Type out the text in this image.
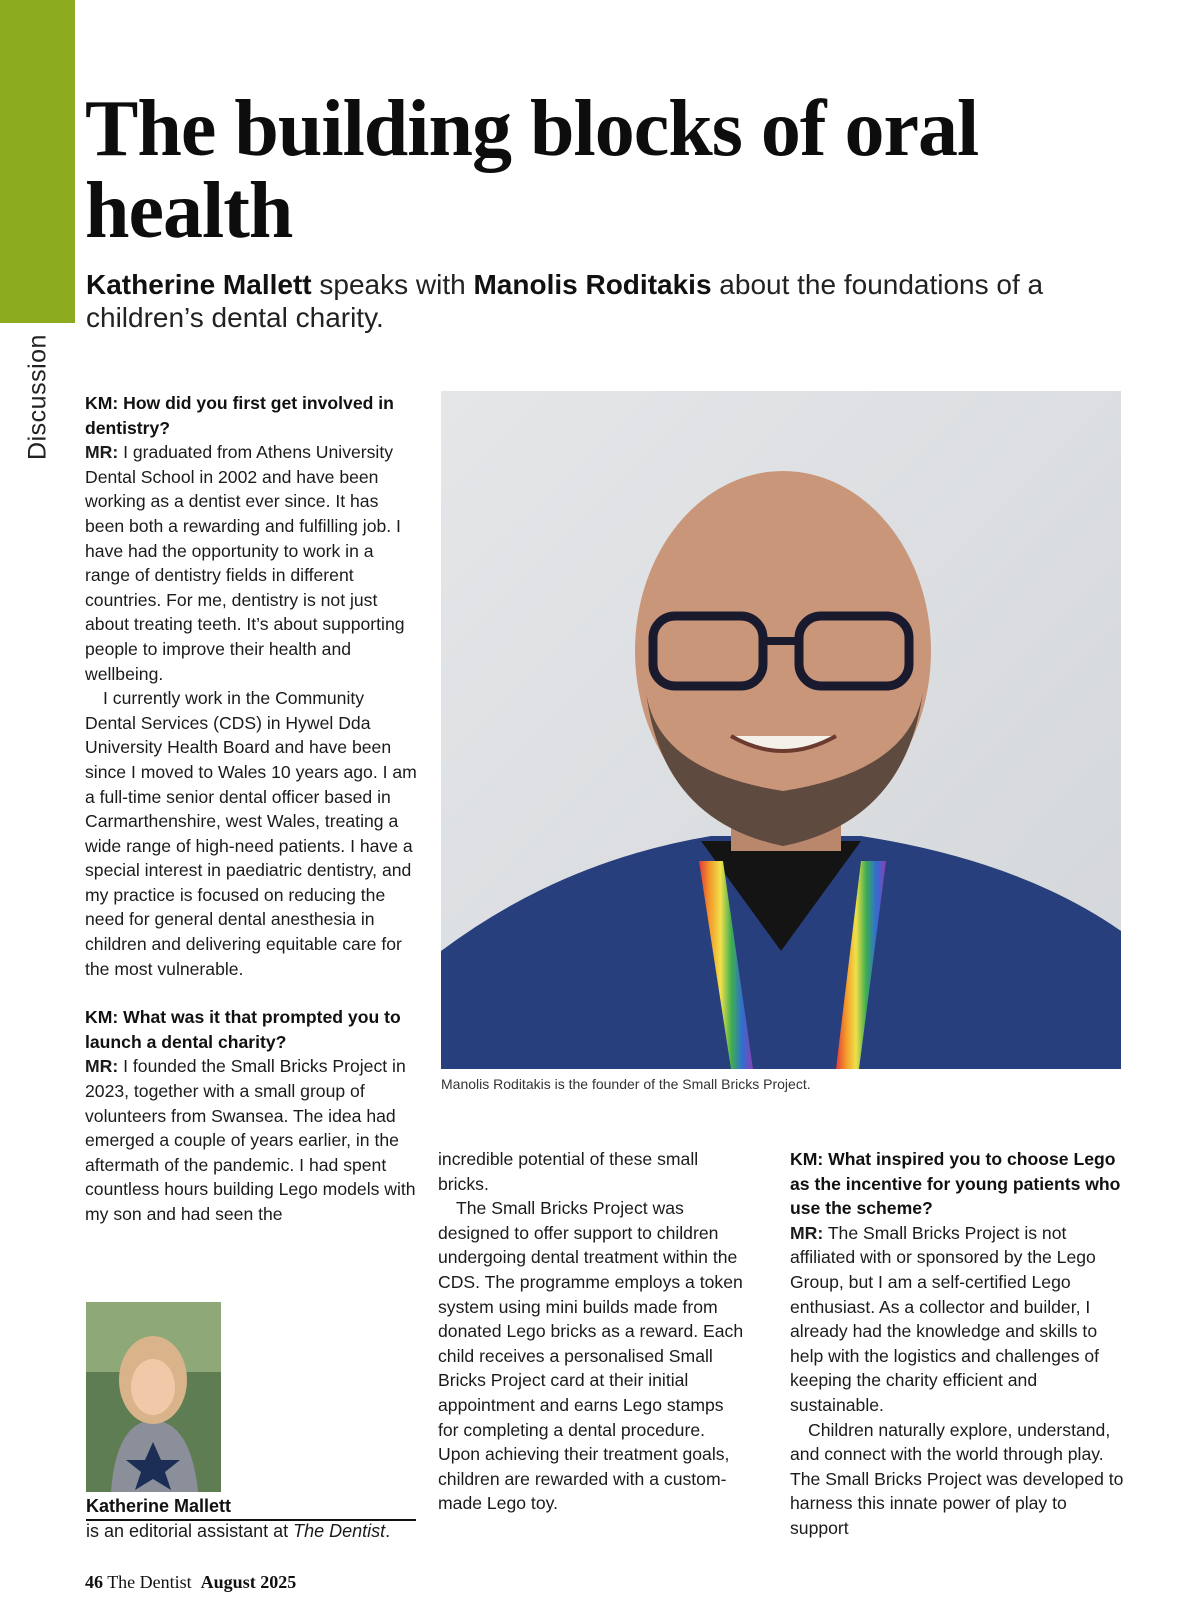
Discussion
The building blocks of oral health

Katherine Mallett speaks with Manolis Roditakis about the foundations of a children’s dental charity.

KM: How did you first get involved in dentistry?

MR: I graduated from Athens University Dental School in 2002 and have been working as a dentist ever since. It has been both a rewarding and fulfilling job. I have had the opportunity to work in a range of dentistry fields in different countries. For me, dentistry is not just about treating teeth. It’s about supporting people to improve their health and wellbeing.

I currently work in the Community Dental Services (CDS) in Hywel Dda University Health Board and have been since I moved to Wales 10 years ago. I am a full-time senior dental officer based in Carmarthenshire, west Wales, treating a wide range of high-need patients. I have a special interest in paediatric dentistry, and my practice is focused on reducing the need for general dental anesthesia in children and delivering equitable care for the most vulnerable.

KM: What was it that prompted you to launch a dental charity?

MR: I founded the Small Bricks Project in 2023, together with a small group of volunteers from Swansea. The idea had emerged a couple of years earlier, in the aftermath of the pandemic. I had spent countless hours building Lego models with my son and had seen the

Manolis Roditakis is the founder of the Small Bricks Project.

incredible potential of these small bricks.

The Small Bricks Project was designed to offer support to children undergoing dental treatment within the CDS. The programme employs a token system using mini builds made from donated Lego bricks as a reward. Each child receives a personalised Small Bricks Project card at their initial appointment and earns Lego stamps for completing a dental procedure. Upon achieving their treatment goals, children are rewarded with a custom-made Lego toy.

KM: What inspired you to choose Lego as the incentive for young patients who use the scheme?

MR: The Small Bricks Project is not affiliated with or sponsored by the Lego Group, but I am a self-certified Lego enthusiast. As a collector and builder, I already had the knowledge and skills to help with the logistics and challenges of keeping the charity efficient and sustainable.

Children naturally explore, understand, and connect with the world through play. The Small Bricks Project was developed to harness this innate power of play to support

Katherine Mallett

is an editorial assistant at The Dentist.

46 The Dentist August 2025
